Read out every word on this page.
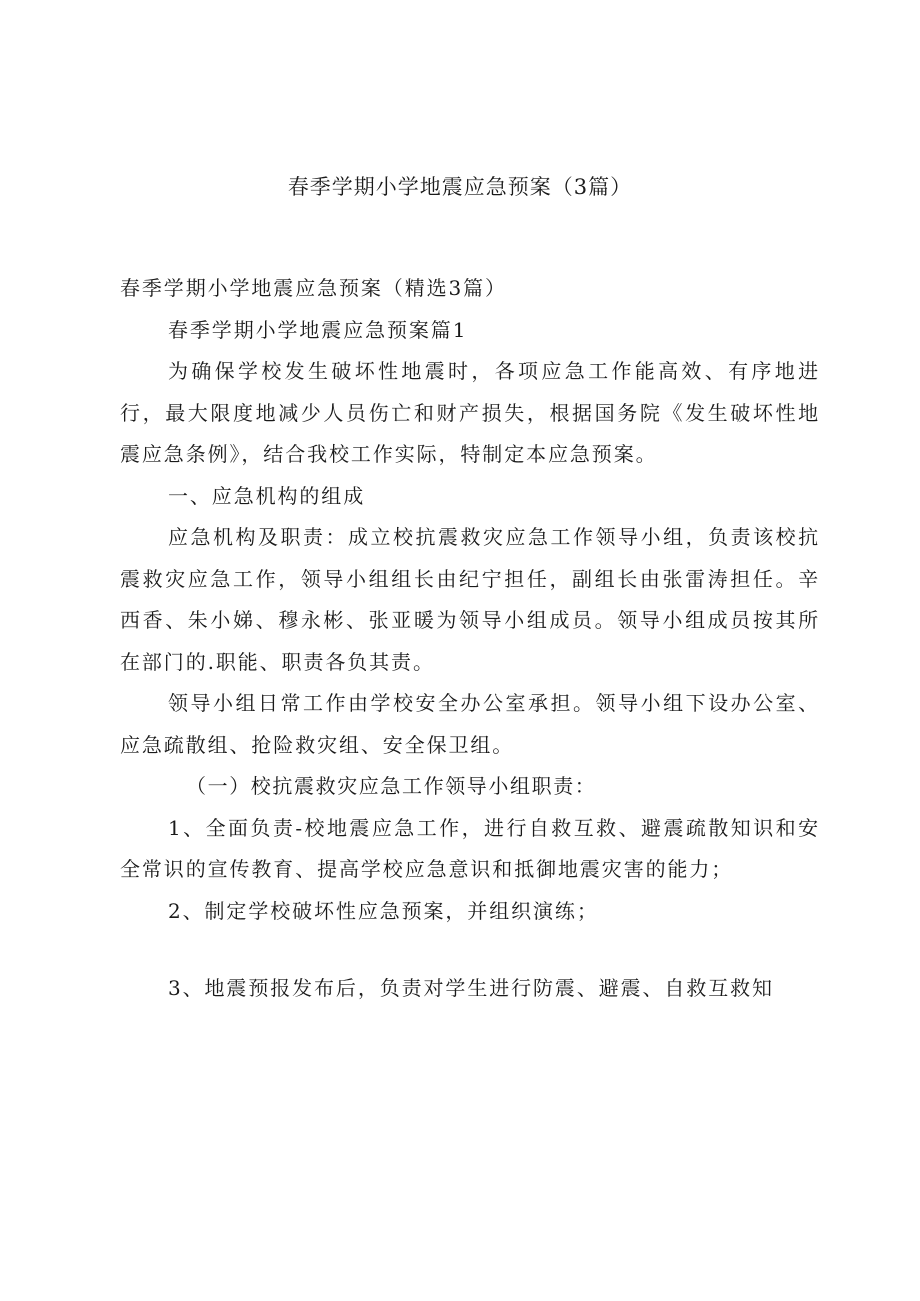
春季学期小学地震应急预案（3篇）

春季学期小学地震应急预案（精选3篇）

春季学期小学地震应急预案篇1

为确保学校发生破坏性地震时，各项应急工作能高效、有序地进行，最大限度地减少人员伤亡和财产损失，根据国务院《发生破坏性地震应急条例》，结合我校工作实际，特制定本应急预案。

一、应急机构的组成

应急机构及职责：成立校抗震救灾应急工作领导小组，负责该校抗震救灾应急工作，领导小组组长由纪宁担任，副组长由张雷涛担任。辛西香、朱小娣、穆永彬、张亚暖为领导小组成员。领导小组成员按其所在部门的.职能、职责各负其责。

领导小组日常工作由学校安全办公室承担。领导小组下设办公室、应急疏散组、抢险救灾组、安全保卫组。

（一）校抗震救灾应急工作领导小组职责：

1、全面负责-校地震应急工作，进行自救互救、避震疏散知识和安全常识的宣传教育、提高学校应急意识和抵御地震灾害的能力；

2、制定学校破坏性应急预案，并组织演练；

3、地震预报发布后，负责对学生进行防震、避震、自救互救知
